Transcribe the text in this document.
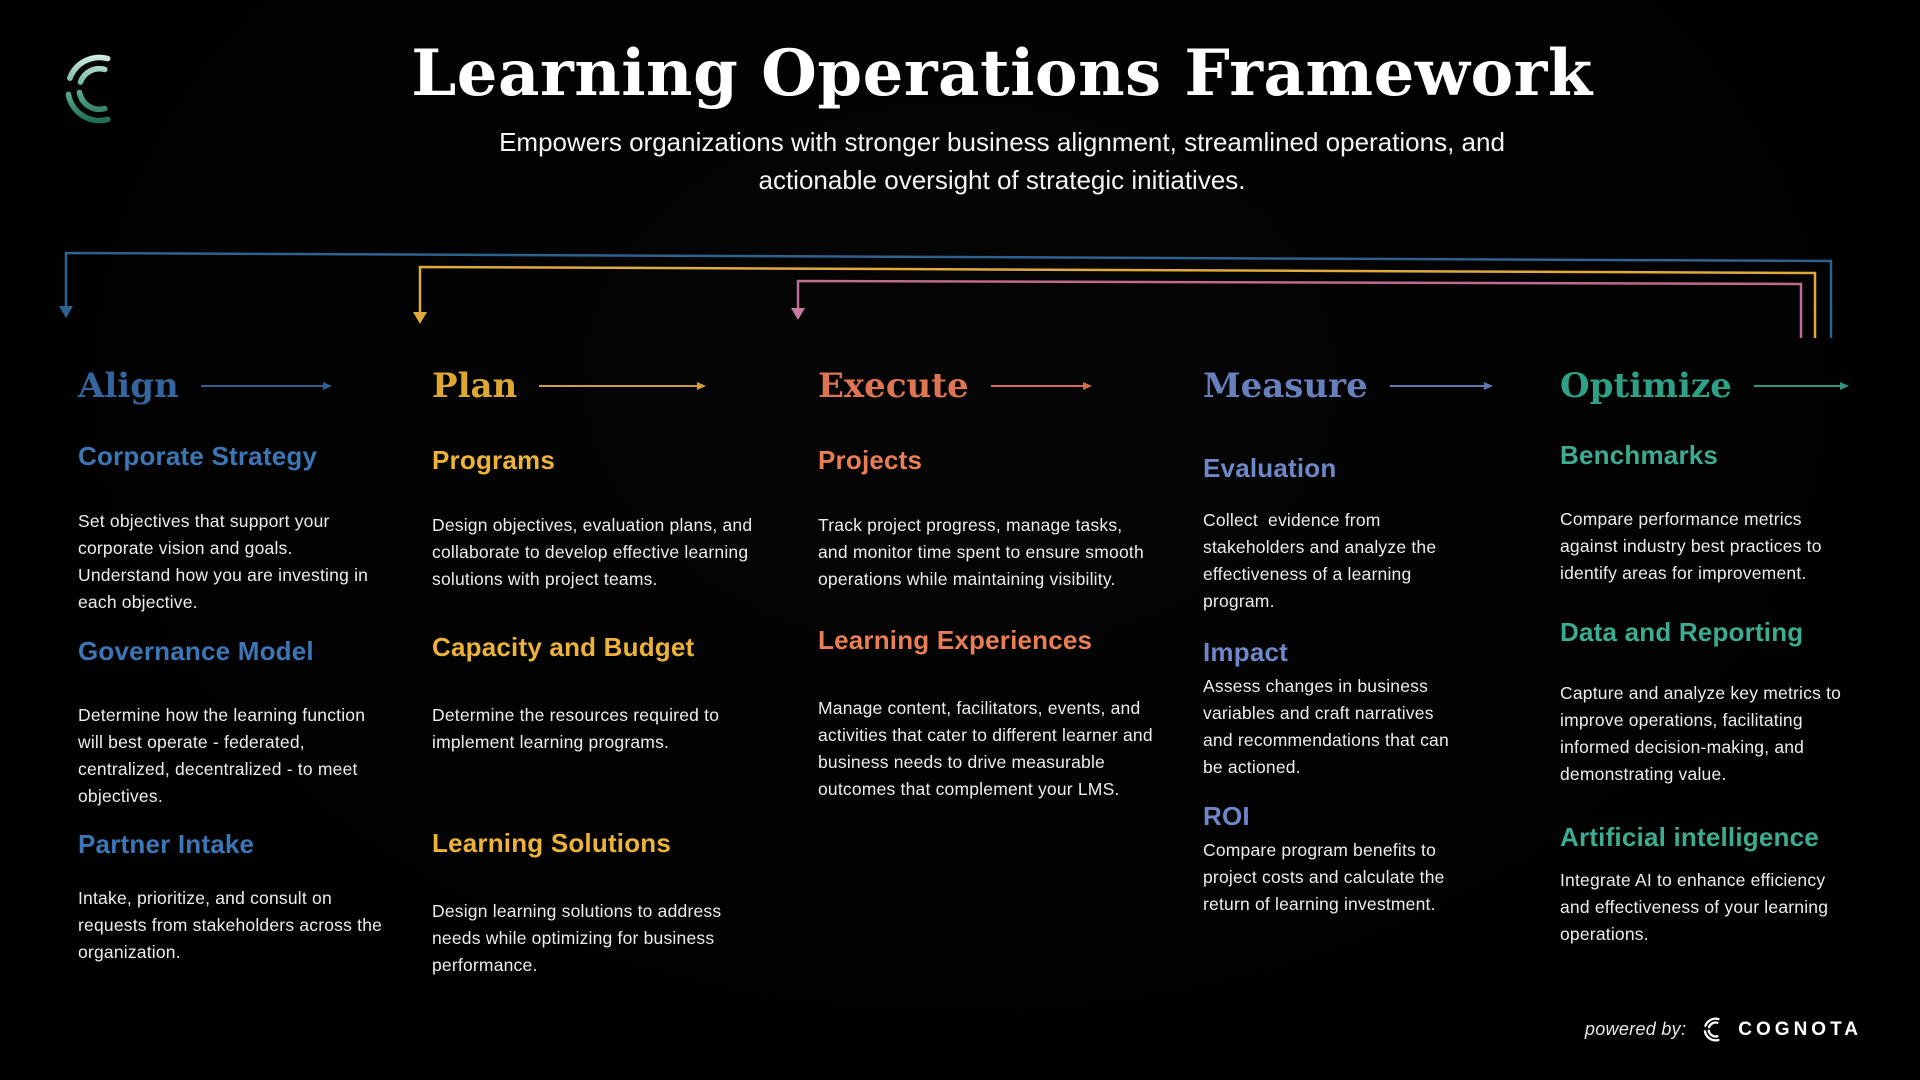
Learning Operations Framework

Empowers organizations with stronger business alignment, streamlined operations, and actionable oversight of strategic initiatives.

Align
Corporate Strategy

Set objectives that support your corporate vision and goals. Understand how you are investing in each objective.

Governance Model

Determine how the learning function will best operate - federated, centralized, decentralized - to meet objectives.

Partner Intake

Intake, prioritize, and consult on requests from stakeholders across the organization.

Plan
Programs

Design objectives, evaluation plans, and collaborate to develop effective learning solutions with project teams.

Capacity and Budget

Determine the resources required to implement learning programs.

Learning Solutions

Design learning solutions to address needs while optimizing for business performance.

Execute
Projects

Track project progress, manage tasks, and monitor time spent to ensure smooth operations while maintaining visibility.

Learning Experiences

Manage content, facilitators, events, and activities that cater to different learner and business needs to drive measurable outcomes that complement your LMS.

Measure
Evaluation

Collect  evidence from stakeholders and analyze the effectiveness of a learning program.

Impact

Assess changes in business variables and craft narratives and recommendations that can be actioned.

ROI

Compare program benefits to project costs and calculate the return of learning investment.

Optimize
Benchmarks

Compare performance metrics against industry best practices to identify areas for improvement.

Data and Reporting

Capture and analyze key metrics to improve operations, facilitating informed decision-making, and demonstrating value.

Artificial intelligence

Integrate AI to enhance efficiency and effectiveness of your learning operations.

powered by:	COGNOTA
